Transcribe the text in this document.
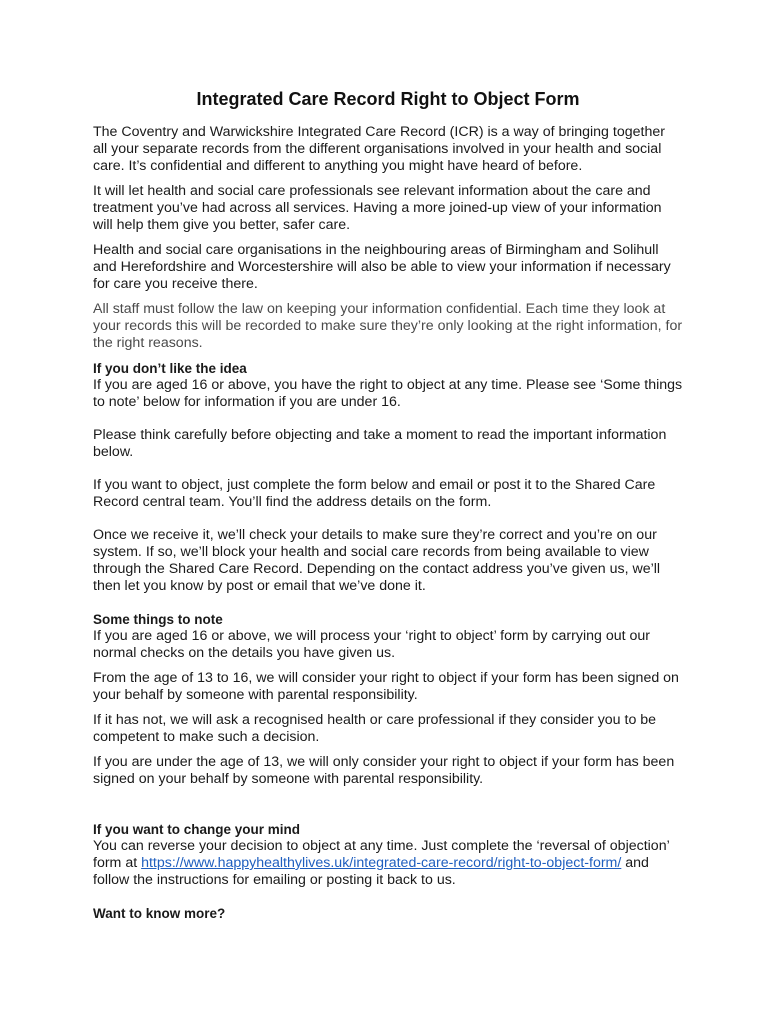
Integrated Care Record Right to Object Form

The Coventry and Warwickshire Integrated Care Record (ICR) is a way of bringing together all your separate records from the different organisations involved in your health and social care. It’s confidential and different to anything you might have heard of before.

It will let health and social care professionals see relevant information about the care and treatment you’ve had across all services. Having a more joined-up view of your information will help them give you better, safer care.

Health and social care organisations in the neighbouring areas of Birmingham and Solihull and Herefordshire and Worcestershire will also be able to view your information if necessary for care you receive there.

All staff must follow the law on keeping your information confidential. Each time they look at your records this will be recorded to make sure they’re only looking at the right information, for the right reasons.

If you don’t like the idea

If you are aged 16 or above, you have the right to object at any time. Please see ‘Some things to note’ below for information if you are under 16.

Please think carefully before objecting and take a moment to read the important information below.

If you want to object, just complete the form below and email or post it to the Shared Care Record central team. You’ll find the address details on the form.

Once we receive it, we’ll check your details to make sure they’re correct and you’re on our system. If so, we’ll block your health and social care records from being available to view through the Shared Care Record. Depending on the contact address you’ve given us, we’ll then let you know by post or email that we’ve done it.

Some things to note

If you are aged 16 or above, we will process your ‘right to object’ form by carrying out our normal checks on the details you have given us.

From the age of 13 to 16, we will consider your right to object if your form has been signed on your behalf by someone with parental responsibility.

If it has not, we will ask a recognised health or care professional if they consider you to be competent to make such a decision.

If you are under the age of 13, we will only consider your right to object if your form has been signed on your behalf by someone with parental responsibility.

If you want to change your mind

You can reverse your decision to object at any time. Just complete the ‘reversal of objection’ form at https://www.happyhealthylives.uk/integrated-care-record/right-to-object-form/ and follow the instructions for emailing or posting it back to us.

Want to know more?
